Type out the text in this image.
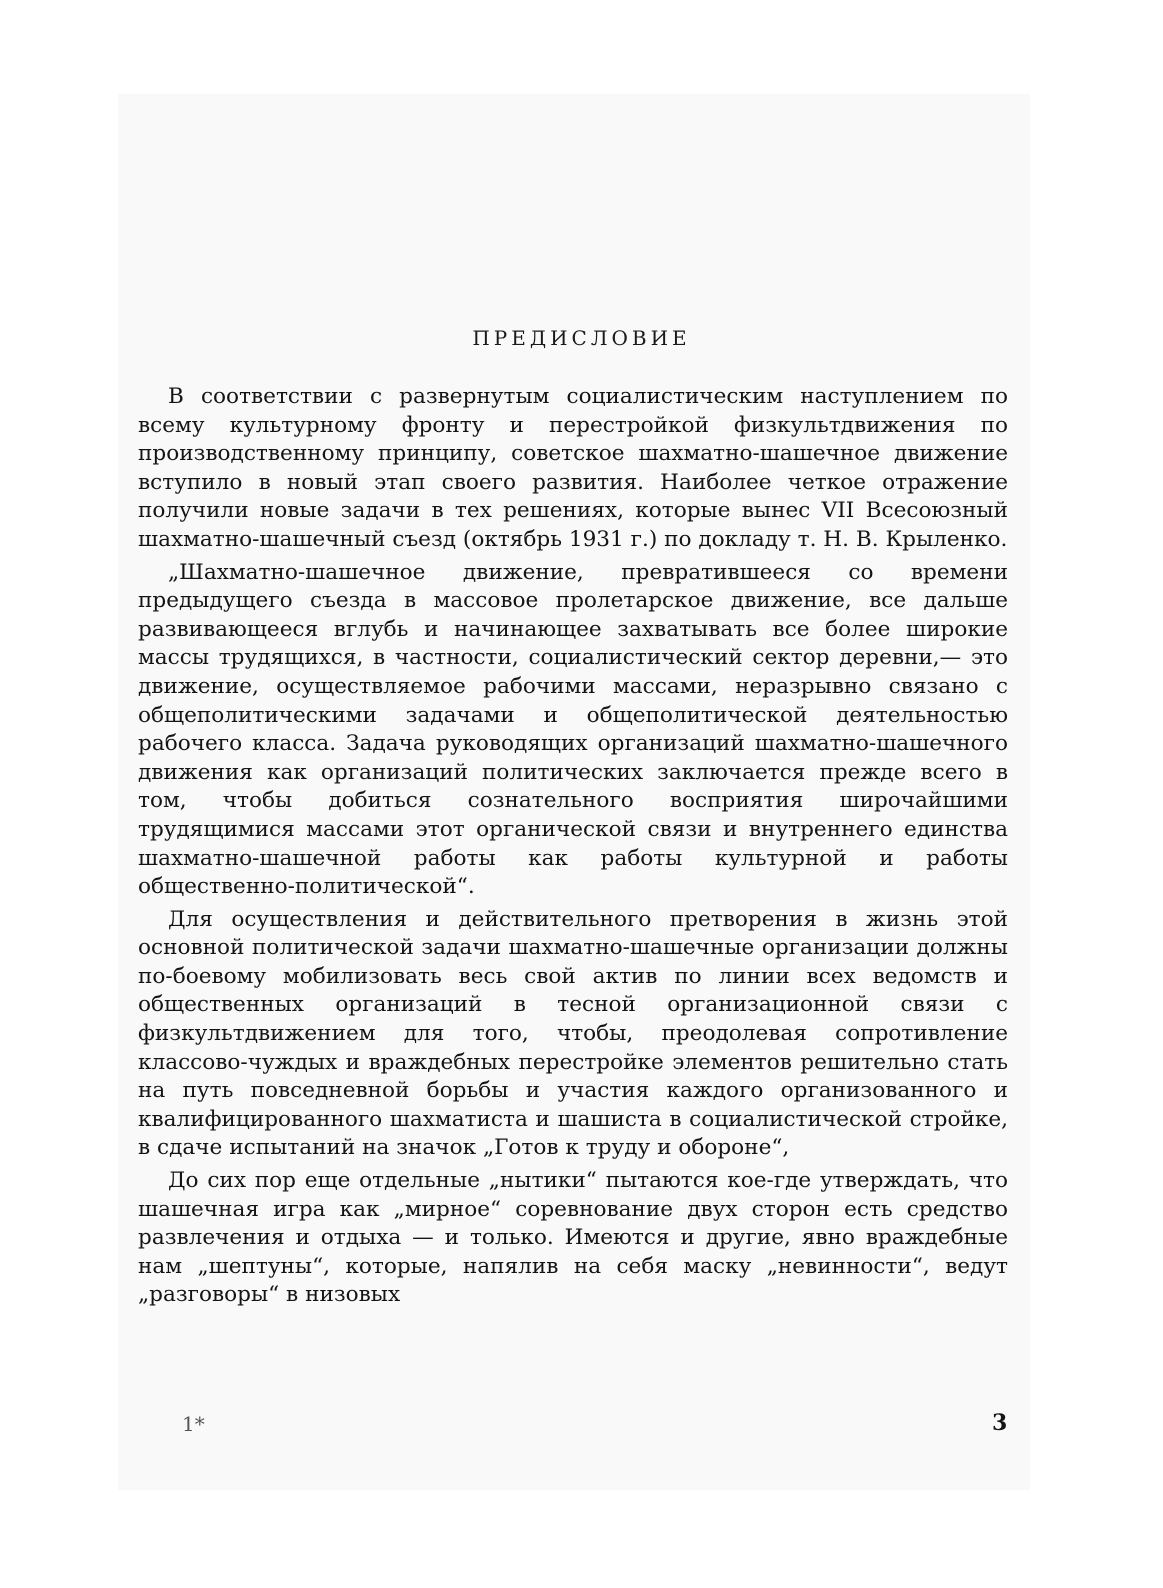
ПРЕДИСЛОВИЕ

В соответствии с развернутым социалистическим наступлением по всему культурному фронту и перестройкой физкультдвижения по производственному принципу, советское шахматно-шашечное движение вступило в новый этап своего развития. Наиболее четкое отражение получили новые задачи в тех решениях, которые вынес VII Всесоюзный шахматно-шашечный съезд (октябрь 1931 г.) по докладу т. Н. В. Крыленко.

„Шахматно-шашечное движение, превратившееся со времени предыдущего съезда в массовое пролетарское движение, все дальше развивающееся вглубь и начинающее захватывать все более широкие массы трудящихся, в частности, социалистический сектор деревни,— это движение, осуществляемое рабочими массами, неразрывно связано с общеполитическими задачами и общеполитической деятельностью рабочего класса. Задача руководящих организаций шахматно-шашечного движения как организаций политических заключается прежде всего в том, чтобы добиться сознательного восприятия широчайшими трудящимися массами этот органической связи и внутреннего единства шахматно-шашечной работы как работы культурной и работы общественно-политической“.

Для осуществления и действительного претворения в жизнь этой основной политической задачи шахматно-шашечные организации должны по-боевому мобилизовать весь свой актив по линии всех ведомств и общественных организаций в тесной организационной связи с физкультдвижением для того, чтобы, преодолевая сопротивление классово-чуждых и враждебных перестройке элементов решительно стать на путь повседневной борьбы и участия каждого организованного и квалифицированного шахматиста и шашиста в социалистической стройке, в сдаче испытаний на значок „Готов к труду и обороне“,

До сих пор еще отдельные „нытики“ пытаются кое-где утверждать, что шашечная игра как „мирное“ соревнование двух сторон есть средство развлечения и отдыха — и только. Имеются и другие, явно враждебные нам „шептуны“, которые, напялив на себя маску „невинности“, ведут „разговоры“ в низовых

1*	3
